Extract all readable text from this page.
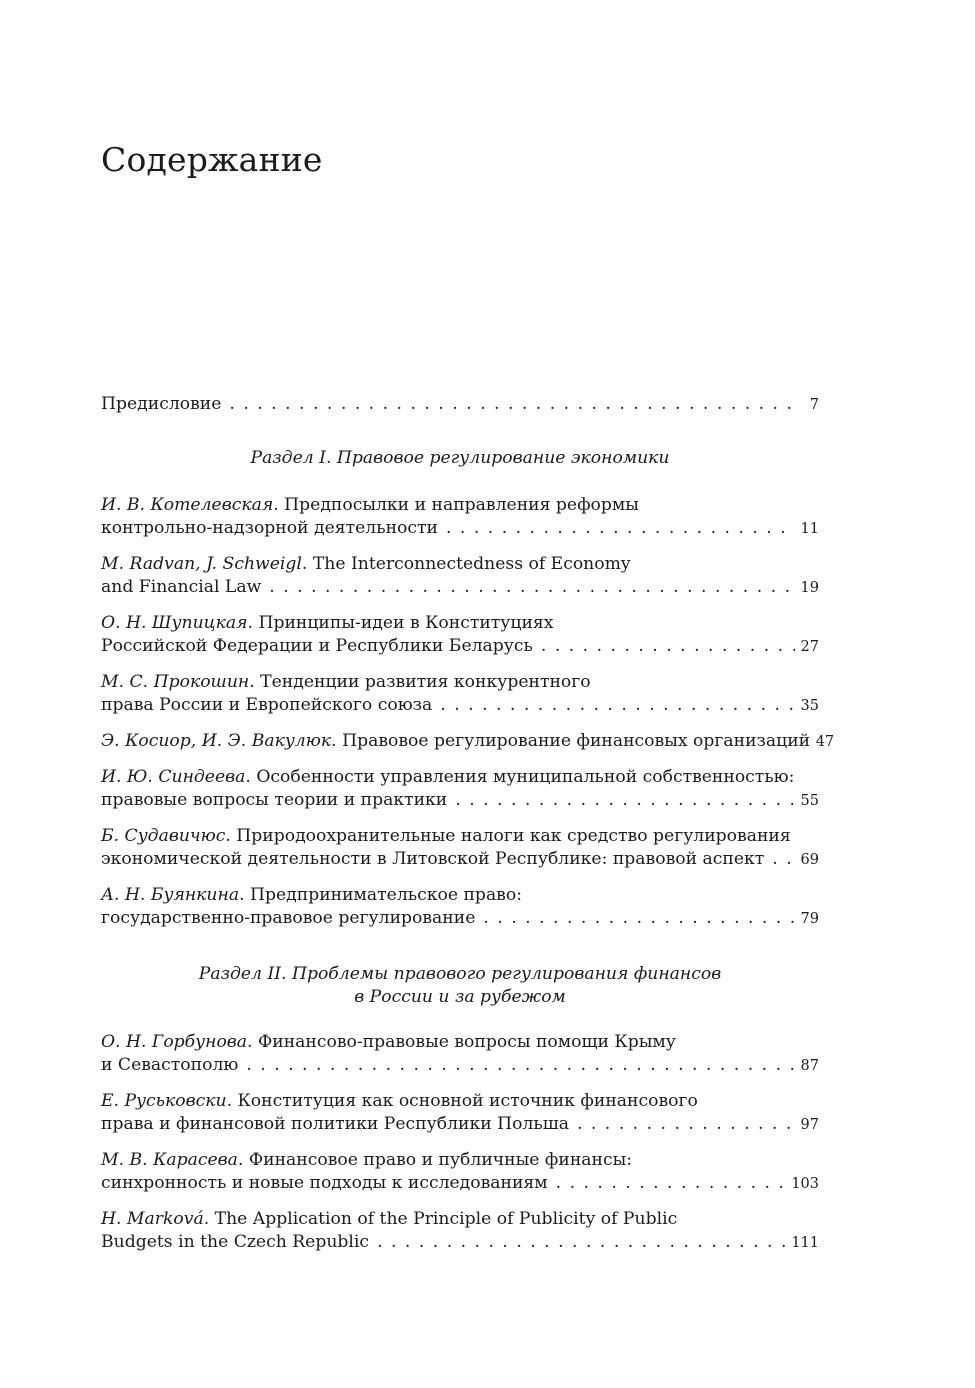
Содержание
Предисловие . . .	7
Раздел I. Правовое регулирование экономики
И. В. Котелевская. Предпосылки и направления реформы
контрольно-надзорной деятельности . . .	11
M. Radvan, J. Schweigl. The Interconnectedness of Economy
and Financial Law . . .	19
О. Н. Шупицкая. Принципы-идеи в Конституциях
Российской Федерации и Республики Беларусь . . .	27
М. С. Прокошин. Тенденции развития конкурентного
права России и Европейского союза . . .	35
Э. Косиор, И. Э. Вакулюк. Правовое регулирование финансовых организаций 47
И. Ю. Синдеева. Особенности управления муниципальной собственностью:
правовые вопросы теории и практики . . .	55
Б. Судавичюс. Природоохранительные налоги как средство регулирования
экономической деятельности в Литовской Республике: правовой аспект . . .	69
А. Н. Буянкина. Предпринимательское право:
государственно-правовое регулирование . . .	79
Раздел II. Проблемы правового регулирования финансов
в России и за рубежом
О. Н. Горбунова. Финансово-правовые вопросы помощи Крыму
и Севастополю . . .	87
Е. Руськовски. Конституция как основной источник финансового
права и финансовой политики Республики Польша . . .	97
М. В. Карасева. Финансовое право и публичные финансы:
синхронность и новые подходы к исследованиям . . .	103
H. Marková. The Application of the Principle of Publicity of Public
Budgets in the Czech Republic . . .	111
